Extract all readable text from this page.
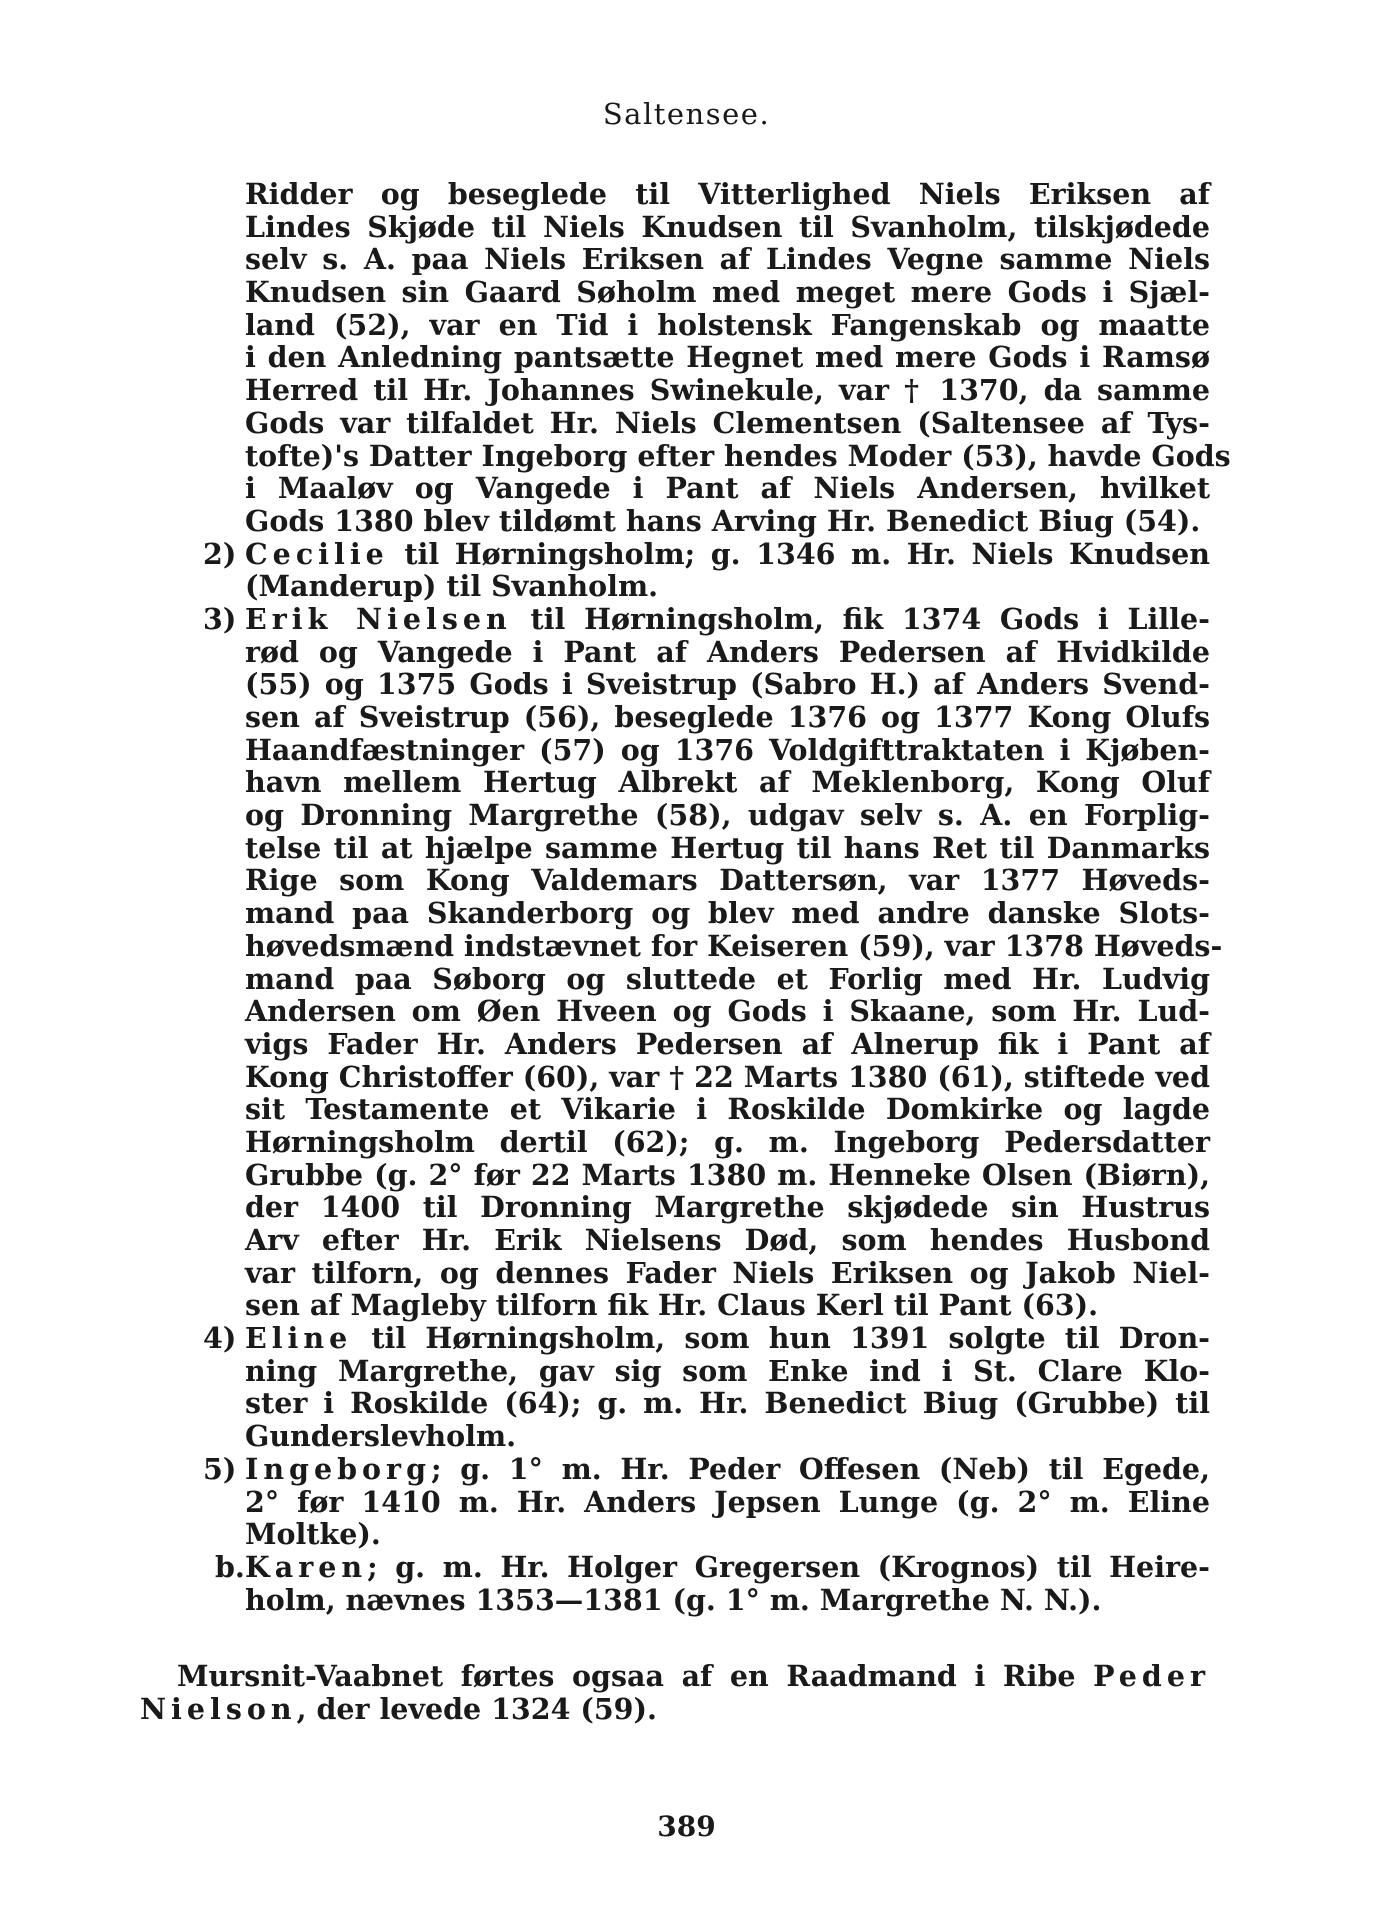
Saltensee.
Ridder og beseglede til Vitterlighed Niels Eriksen af
Lindes Skjøde til Niels Knudsen til Svanholm, tilskjødede
selv s. A. paa Niels Eriksen af Lindes Vegne samme Niels
Knudsen sin Gaard Søholm med meget mere Gods i Sjæl-
land (52), var en Tid i holstensk Fangenskab og maatte
i den Anledning pantsætte Hegnet med mere Gods i Ramsø
Herred til Hr. Johannes Swinekule, var † 1370, da samme
Gods var tilfaldet Hr. Niels Clementsen (Saltensee af Tys-
tofte)'s Datter Ingeborg efter hendes Moder (53), havde Gods
i Maaløv og Vangede i Pant af Niels Andersen, hvilket
Gods 1380 blev tildømt hans Arving Hr. Benedict Biug (54).
2) Cecilie til Hørningsholm; g. 1346 m. Hr. Niels Knudsen
(Manderup) til Svanholm.
3) Erik Nielsen til Hørningsholm, fik 1374 Gods i Lille-
rød og Vangede i Pant af Anders Pedersen af Hvidkilde
(55) og 1375 Gods i Sveistrup (Sabro H.) af Anders Svend-
sen af Sveistrup (56), beseglede 1376 og 1377 Kong Olufs
Haandfæstninger (57) og 1376 Voldgifttraktaten i Kjøben-
havn mellem Hertug Albrekt af Meklenborg, Kong Oluf
og Dronning Margrethe (58), udgav selv s. A. en Forplig-
telse til at hjælpe samme Hertug til hans Ret til Danmarks
Rige som Kong Valdemars Dattersøn, var 1377 Høveds-
mand paa Skanderborg og blev med andre danske Slots-
høvedsmænd indstævnet for Keiseren (59), var 1378 Høveds-
mand paa Søborg og sluttede et Forlig med Hr. Ludvig
Andersen om Øen Hveen og Gods i Skaane, som Hr. Lud-
vigs Fader Hr. Anders Pedersen af Alnerup fik i Pant af
Kong Christoffer (60), var † 22 Marts 1380 (61), stiftede ved
sit Testamente et Vikarie i Roskilde Domkirke og lagde
Hørningsholm dertil (62); g. m. Ingeborg Pedersdatter
Grubbe (g. 2° før 22 Marts 1380 m. Henneke Olsen (Biørn),
der 1400 til Dronning Margrethe skjødede sin Hustrus
Arv efter Hr. Erik Nielsens Død, som hendes Husbond
var tilforn, og dennes Fader Niels Eriksen og Jakob Niel-
sen af Magleby tilforn fik Hr. Claus Kerl til Pant (63).
4) Eline til Hørningsholm, som hun 1391 solgte til Dron-
ning Margrethe, gav sig som Enke ind i St. Clare Klo-
ster i Roskilde (64); g. m. Hr. Benedict Biug (Grubbe) til
Gunderslevholm.
5) Ingeborg; g. 1° m. Hr. Peder Offesen (Neb) til Egede,
2° før 1410 m. Hr. Anders Jepsen Lunge (g. 2° m. Eline
Moltke).
b. Karen; g. m. Hr. Holger Gregersen (Krognos) til Heire-
holm, nævnes 1353—1381 (g. 1° m. Margrethe N. N.).
Mursnit-Vaabnet førtes ogsaa af en Raadmand i Ribe Peder
Nielson, der levede 1324 (59).
389
